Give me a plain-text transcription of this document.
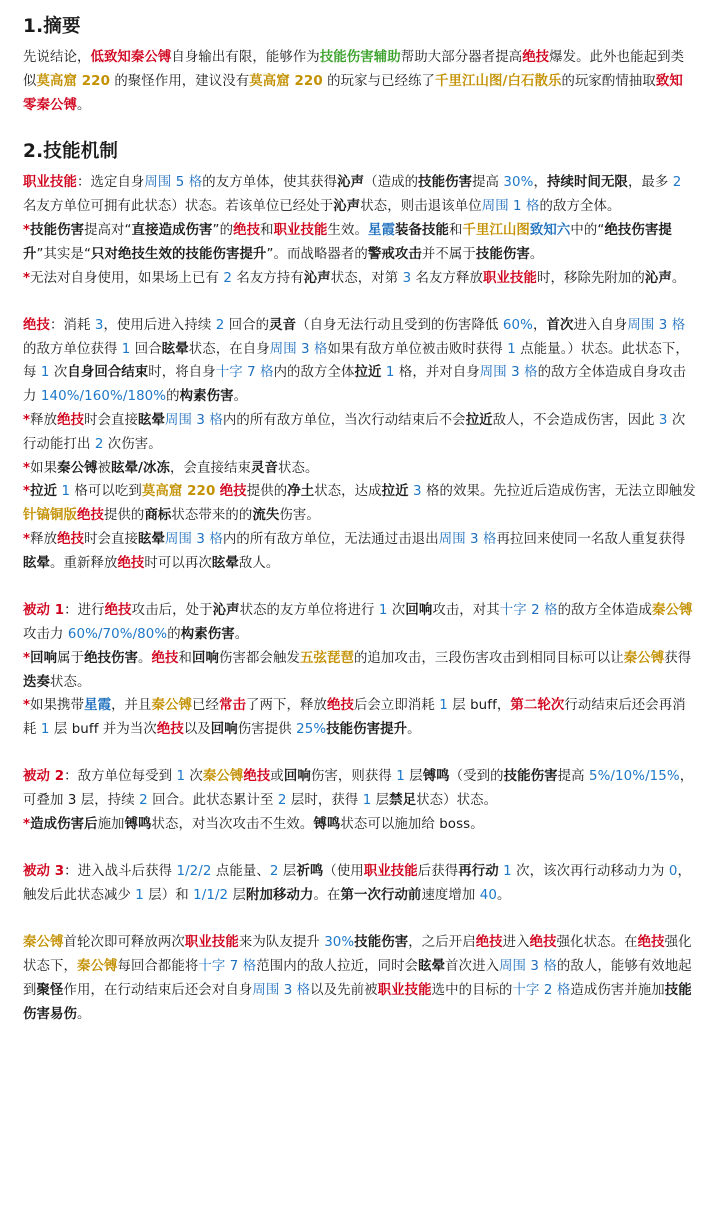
1.摘要

先说结论，低致知秦公镈自身输出有限，能够作为技能伤害辅助帮助大部分器者提高绝技爆发。此外也能起到类似莫高窟 220 的聚怪作用，建议没有莫高窟 220 的玩家与已经练了千里江山图/白石散乐的玩家酌情抽取致知零秦公镈。

2.技能机制

职业技能：选定自身周围 5 格的友方单体，使其获得沁声（造成的技能伤害提高 30%，持续时间无限，最多 2 名友方单位可拥有此状态）状态。若该单位已经处于沁声状态，则击退该单位周围 1 格的敌方全体。

*技能伤害提高对“直接造成伤害”的绝技和职业技能生效。星霞装备技能和千里江山图致知六中的“绝技伤害提升”其实是“只对绝技生效的技能伤害提升”。而战略器者的警戒攻击并不属于技能伤害。

*无法对自身使用，如果场上已有 2 名友方持有沁声状态，对第 3 名友方释放职业技能时，移除先附加的沁声。

绝技：消耗 3，使用后进入持续 2 回合的灵音（自身无法行动且受到的伤害降低 60%，首次进入自身周围 3 格的敌方单位获得 1 回合眩晕状态，在自身周围 3 格如果有敌方单位被击败时获得 1 点能量。）状态。此状态下，每 1 次自身回合结束时，将自身十字 7 格内的敌方全体拉近 1 格，并对自身周围 3 格的敌方全体造成自身攻击力 140%/160%/180%的构素伤害。

*释放绝技时会直接眩晕周围 3 格内的所有敌方单位，当次行动结束后不会拉近敌人，不会造成伤害，因此 3 次行动能打出 2 次伤害。

*如果秦公镈被眩晕/冰冻，会直接结束灵音状态。

*拉近 1 格可以吃到莫高窟 220 绝技提供的净土状态，达成拉近 3 格的效果。先拉近后造成伤害，无法立即触发针镐铜版绝技提供的商标状态带来的的流失伤害。

*释放绝技时会直接眩晕周围 3 格内的所有敌方单位，无法通过击退出周围 3 格再拉回来使同一名敌人重复获得眩晕。重新释放绝技时可以再次眩晕敌人。

被动 1：进行绝技攻击后，处于沁声状态的友方单位将进行 1 次回响攻击，对其十字 2 格的敌方全体造成秦公镈攻击力 60%/70%/80%的构素伤害。

*回响属于绝技伤害。绝技和回响伤害都会触发五弦琵琶的追加攻击，三段伤害攻击到相同目标可以让秦公镈获得迭奏状态。

*如果携带星霞，并且秦公镈已经常击了两下，释放绝技后会立即消耗 1 层 buff，第二轮次行动结束后还会再消耗 1 层 buff 并为当次绝技以及回响伤害提供 25%技能伤害提升。

被动 2：敌方单位每受到 1 次秦公镈绝技或回响伤害，则获得 1 层镈鸣（受到的技能伤害提高 5%/10%/15%，可叠加 3 层，持续 2 回合。此状态累计至 2 层时，获得 1 层禁足状态）状态。

*造成伤害后施加镈鸣状态，对当次攻击不生效。镈鸣状态可以施加给 boss。

被动 3：进入战斗后获得 1/2/2 点能量、2 层祈鸣（使用职业技能后获得再行动 1 次，该次再行动移动力为 0，触发后此状态减少 1 层）和 1/1/2 层附加移动力。在第一次行动前速度增加 40。

秦公镈首轮次即可释放两次职业技能来为队友提升 30%技能伤害，之后开启绝技进入绝技强化状态。在绝技强化状态下，秦公镈每回合都能将十字 7 格范围内的敌人拉近，同时会眩晕首次进入周围 3 格的敌人，能够有效地起到聚怪作用，在行动结束后还会对自身周围 3 格以及先前被职业技能选中的目标的十字 2 格造成伤害并施加技能伤害易伤。
